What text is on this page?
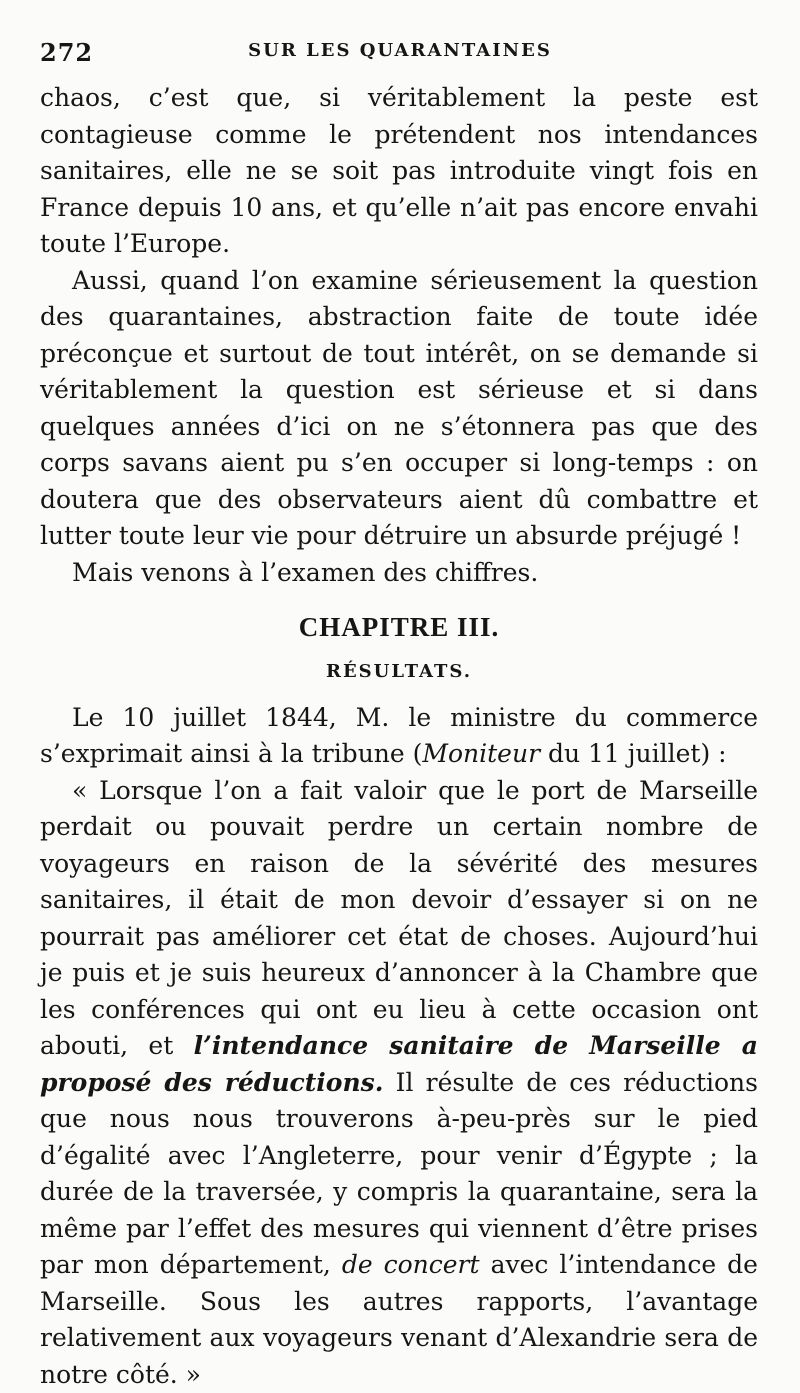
272	SUR LES QUARANTAINES

chaos, c’est que, si véritablement la peste est contagieuse comme le prétendent nos intendances sanitaires, elle ne se soit pas introduite vingt fois en France depuis 10 ans, et qu’elle n’ait pas encore envahi toute l’Europe.

Aussi, quand l’on examine sérieusement la question des quarantaines, abstraction faite de toute idée préconçue et surtout de tout intérêt, on se demande si véritablement la question est sérieuse et si dans quelques années d’ici on ne s’étonnera pas que des corps savans aient pu s’en occuper si long-temps : on doutera que des observateurs aient dû combattre et lutter toute leur vie pour détruire un absurde préjugé !

Mais venons à l’examen des chiffres.

CHAPITRE III.
RÉSULTATS.

Le 10 juillet 1844, M. le ministre du commerce s’exprimait ainsi à la tribune (Moniteur du 11 juillet) :

« Lorsque l’on a fait valoir que le port de Marseille perdait ou pouvait perdre un certain nombre de voyageurs en raison de la sévérité des mesures sanitaires, il était de mon devoir d’essayer si on ne pourrait pas améliorer cet état de choses. Aujourd’hui je puis et je suis heureux d’annoncer à la Chambre que les conférences qui ont eu lieu à cette occasion ont abouti, et l’intendance sanitaire de Marseille a proposé des réductions. Il résulte de ces réductions que nous nous trouverons à-peu-près sur le pied d’égalité avec l’Angleterre, pour venir d’Égypte ; la durée de la traversée, y compris la quarantaine, sera la même par l’effet des mesures qui viennent d’être prises par mon département, de concert avec l’intendance de Marseille. Sous les autres rapports, l’avantage relativement aux voyageurs venant d’Alexandrie sera de notre côté. »
